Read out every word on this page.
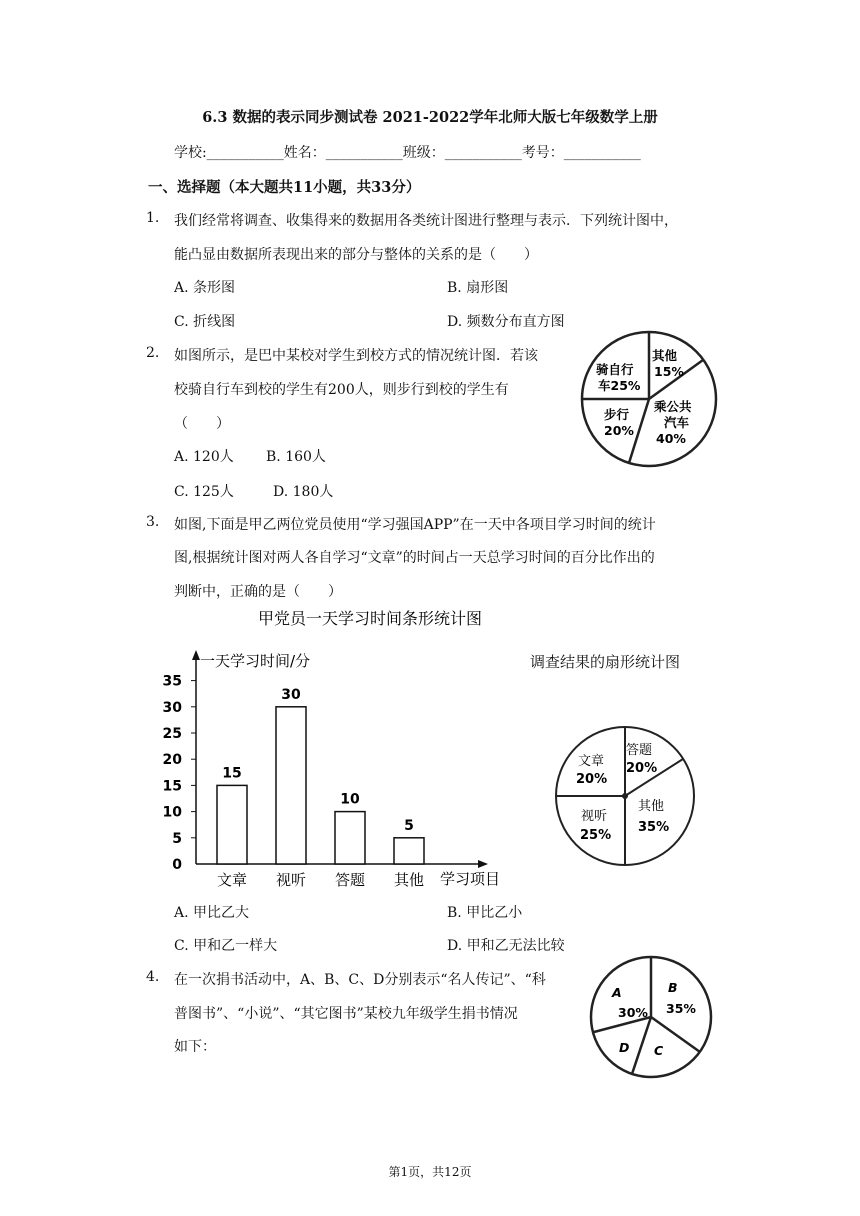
6.3 数据的表示同步测试卷 2021-2022学年北师大版七年级数学上册
学校:___________姓名：___________班级：___________考号：___________
一、选择题（本大题共11小题，共33分）
1. 我们经常将调查、收集得来的数据用各类统计图进行整理与表示．下列统计图中，
能凸显由数据所表现出来的部分与整体的关系的是（　　）
A. 条形图	B. 扇形图
C. 折线图	D. 频数分布直方图
2. 如图所示，是巴中某校对学生到校方式的情况统计图．若该
校骑自行车到校的学生有200人，则步行到校的学生有
（　　）
A. 120人 B. 160人
C. 125人	D. 180人
骑自行
车25%
其他
15%
乘公共
汽车
40%
步行
20%
3. 如图,下面是甲乙两位党员使用“学习强国APP”在一天中各项目学习时间的统计
图,根据统计图对两人各自学习“文章”的时间占一天总学习时间的百分比作出的
判断中，正确的是（　　）
甲党员一天学习时间条形统计图
一天学习时间/分
学习项目
0
5
10
15
20
25
30
35
15
文章
30
视听
10
答题
5
其他
调查结果的扇形统计图
文章
20%
答题
20%
其他
35%
视听
25%
A. 甲比乙大	B. 甲比乙小
C. 甲和乙一样大	D. 甲和乙无法比较
4. 在一次捐书活动中，A、B、C、D分别表示“名人传记”、“科
普图书”、“小说”、“其它图书”某校九年级学生捐书情况
如下：
A
30%
B
35%
C
D
第1页，共12页
